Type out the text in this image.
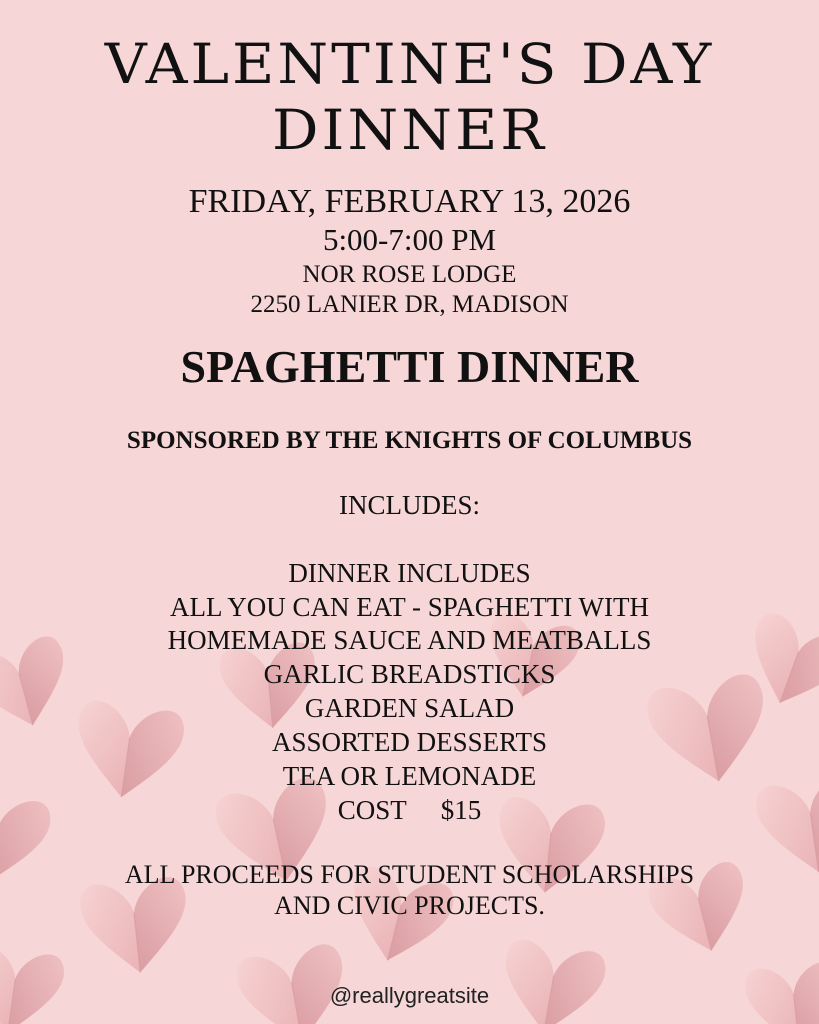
VALENTINE'S DAY
DINNER

FRIDAY, FEBRUARY 13, 2026

5:00-7:00 PM

NOR ROSE LODGE

2250 LANIER DR, MADISON

SPAGHETTI DINNER

SPONSORED BY THE KNIGHTS OF COLUMBUS

INCLUDES:

DINNER INCLUDES

ALL YOU CAN EAT - SPAGHETTI WITH

HOMEMADE SAUCE AND MEATBALLS

GARLIC BREADSTICKS

GARDEN SALAD

ASSORTED DESSERTS

TEA OR LEMONADE

COST $15

ALL PROCEEDS FOR STUDENT SCHOLARSHIPS

AND CIVIC PROJECTS.

@reallygreatsite
